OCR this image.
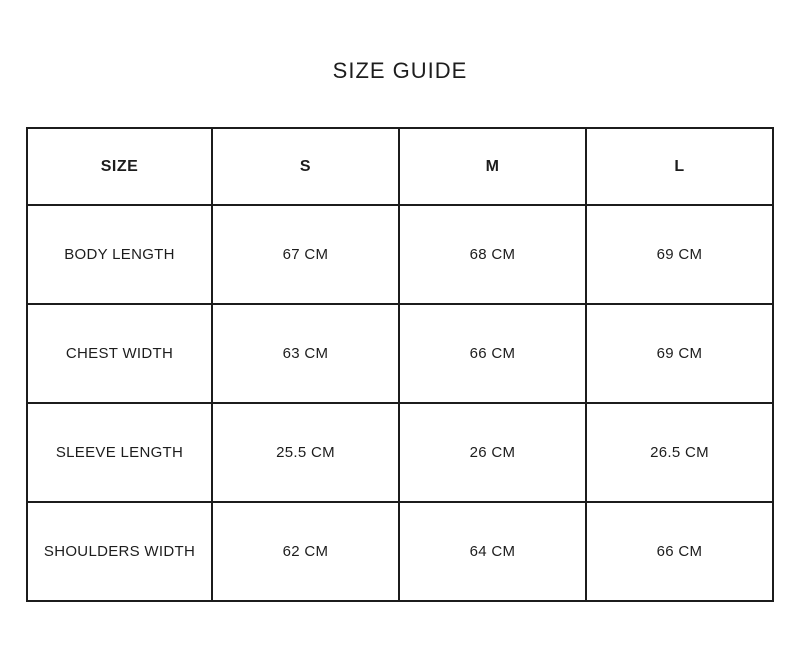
SIZE GUIDE
SIZE	S	M	L
BODY LENGTH	67 CM	68 CM	69 CM
CHEST WIDTH	63 CM	66 CM	69 CM
SLEEVE LENGTH	25.5 CM	26 CM	26.5 CM
SHOULDERS WIDTH	62 CM	64 CM	66 CM
